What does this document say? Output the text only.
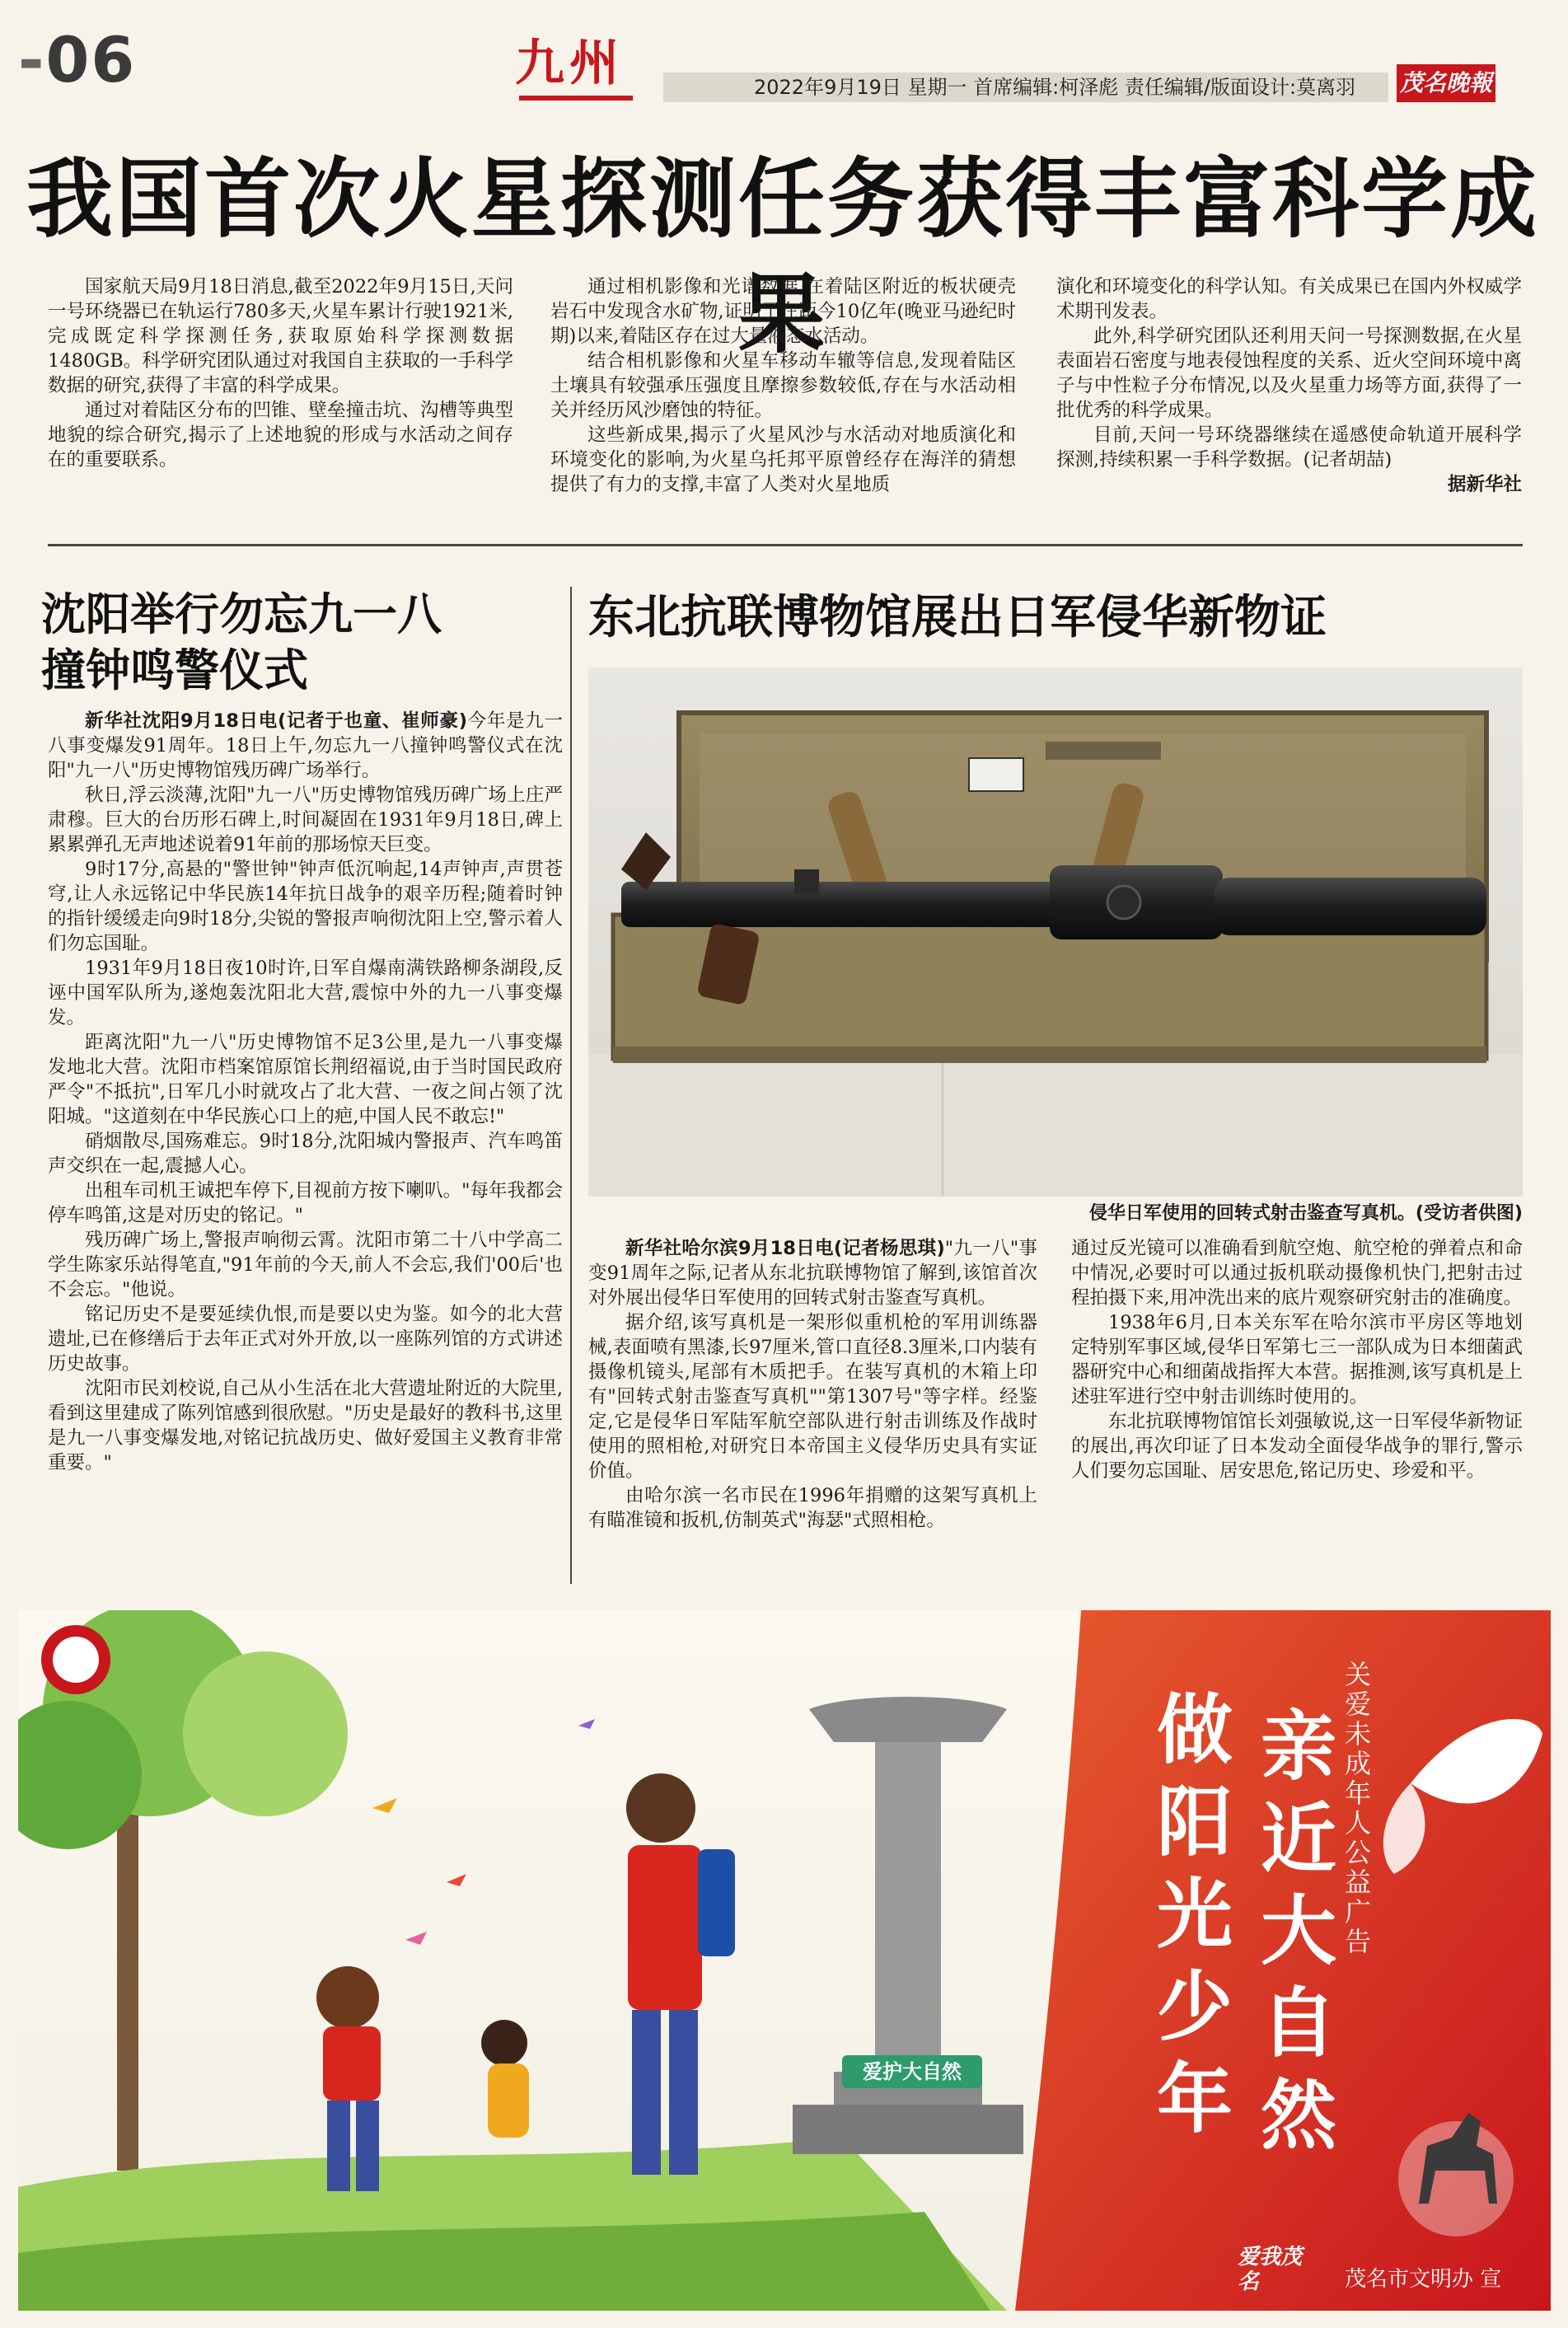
-06	九州	2022年9月19日 星期一 首席编辑:柯泽彪 责任编辑/版面设计:莫离羽 茂名晚報
我国首次火星探测任务获得丰富科学成果

国家航天局9月18日消息,截至2022年9月15日,天问一号环绕器已在轨运行780多天,火星车累计行驶1921米,完成既定科学探测任务,获取原始科学探测数据1480GB。科学研究团队通过对我国自主获取的一手科学数据的研究,获得了丰富的科学成果。

通过对着陆区分布的凹锥、壁垒撞击坑、沟槽等典型地貌的综合研究,揭示了上述地貌的形成与水活动之间存在的重要联系。

通过相机影像和光谱数据,在着陆区附近的板状硬壳岩石中发现含水矿物,证明了在距今10亿年(晚亚马逊纪时期)以来,着陆区存在过大量液态水活动。

结合相机影像和火星车移动车辙等信息,发现着陆区土壤具有较强承压强度且摩擦参数较低,存在与水活动相关并经历风沙磨蚀的特征。

这些新成果,揭示了火星风沙与水活动对地质演化和环境变化的影响,为火星乌托邦平原曾经存在海洋的猜想提供了有力的支撑,丰富了人类对火星地质

演化和环境变化的科学认知。有关成果已在国内外权威学术期刊发表。

此外,科学研究团队还利用天问一号探测数据,在火星表面岩石密度与地表侵蚀程度的关系、近火空间环境中离子与中性粒子分布情况,以及火星重力场等方面,获得了一批优秀的科学成果。

目前,天问一号环绕器继续在遥感使命轨道开展科学探测,持续积累一手科学数据。(记者胡喆)

据新华社
沈阳举行勿忘九一八
撞钟鸣警仪式

新华社沈阳9月18日电(记者于也童、崔师豪)今年是九一八事变爆发91周年。18日上午,勿忘九一八撞钟鸣警仪式在沈阳"九一八"历史博物馆残历碑广场举行。

秋日,浮云淡薄,沈阳"九一八"历史博物馆残历碑广场上庄严肃穆。巨大的台历形石碑上,时间凝固在1931年9月18日,碑上累累弹孔无声地述说着91年前的那场惊天巨变。

9时17分,高悬的"警世钟"钟声低沉响起,14声钟声,声贯苍穹,让人永远铭记中华民族14年抗日战争的艰辛历程;随着时钟的指针缓缓走向9时18分,尖锐的警报声响彻沈阳上空,警示着人们勿忘国耻。

1931年9月18日夜10时许,日军自爆南满铁路柳条湖段,反诬中国军队所为,遂炮轰沈阳北大营,震惊中外的九一八事变爆发。

距离沈阳"九一八"历史博物馆不足3公里,是九一八事变爆发地北大营。沈阳市档案馆原馆长荆绍福说,由于当时国民政府严令"不抵抗",日军几小时就攻占了北大营、一夜之间占领了沈阳城。"这道刻在中华民族心口上的疤,中国人民不敢忘!"

硝烟散尽,国殇难忘。9时18分,沈阳城内警报声、汽车鸣笛声交织在一起,震撼人心。

出租车司机王诚把车停下,目视前方按下喇叭。"每年我都会停车鸣笛,这是对历史的铭记。"

残历碑广场上,警报声响彻云霄。沈阳市第二十八中学高二学生陈家乐站得笔直,"91年前的今天,前人不会忘,我们'00后'也不会忘。"他说。

铭记历史不是要延续仇恨,而是要以史为鉴。如今的北大营遗址,已在修缮后于去年正式对外开放,以一座陈列馆的方式讲述历史故事。

沈阳市民刘校说,自己从小生活在北大营遗址附近的大院里,看到这里建成了陈列馆感到很欣慰。"历史是最好的教科书,这里是九一八事变爆发地,对铭记抗战历史、做好爱国主义教育非常重要。"

东北抗联博物馆展出日军侵华新物证
侵华日军使用的回转式射击鉴查写真机。(受访者供图)

新华社哈尔滨9月18日电(记者杨思琪)"九一八"事变91周年之际,记者从东北抗联博物馆了解到,该馆首次对外展出侵华日军使用的回转式射击鉴查写真机。

据介绍,该写真机是一架形似重机枪的军用训练器械,表面喷有黑漆,长97厘米,管口直径8.3厘米,口内装有摄像机镜头,尾部有木质把手。在装写真机的木箱上印有"回转式射击鉴查写真机""第1307号"等字样。经鉴定,它是侵华日军陆军航空部队进行射击训练及作战时使用的照相枪,对研究日本帝国主义侵华历史具有实证价值。

由哈尔滨一名市民在1996年捐赠的这架写真机上有瞄准镜和扳机,仿制英式"海瑟"式照相枪。

通过反光镜可以准确看到航空炮、航空枪的弹着点和命中情况,必要时可以通过扳机联动摄像机快门,把射击过程拍摄下来,用冲洗出来的底片观察研究射击的准确度。

1938年6月,日本关东军在哈尔滨市平房区等地划定特别军事区域,侵华日军第七三一部队成为日本细菌武器研究中心和细菌战指挥大本营。据推测,该写真机是上述驻军进行空中射击训练时使用的。

东北抗联博物馆馆长刘强敏说,这一日军侵华新物证的展出,再次印证了日本发动全面侵华战争的罪行,警示人们要勿忘国耻、居安思危,铭记历史、珍爱和平。

关爱未成年人公益广告
亲近大自然
做阳光少年
爱护大自然
爱我茂名	茂名市文明办 宣
